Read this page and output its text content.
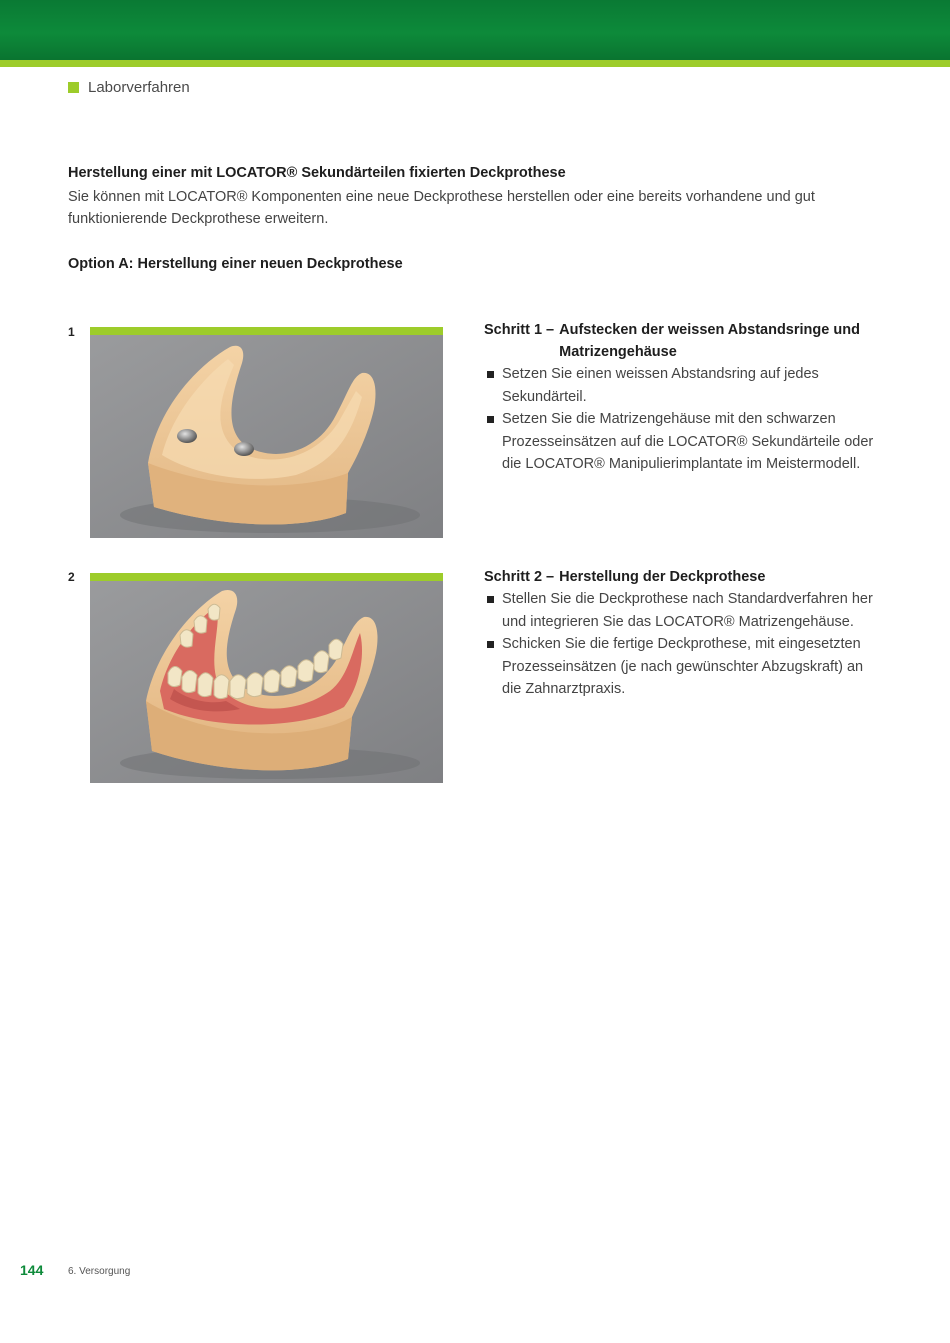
Laborverfahren
Herstellung einer mit LOCATOR® Sekundärteilen fixierten Deckprothese
Sie können mit LOCATOR® Komponenten eine neue Deckprothese herstellen oder eine bereits vorhandene und gut funktionierende Deckprothese erweitern.
Option A: Herstellung einer neuen Deckprothese
1	Schritt 1 – Aufstecken der weissen Abstandsringe und Matrizengehäuse
Setzen Sie einen weissen Abstandsring auf jedes Sekundärteil.
Setzen Sie die Matrizengehäuse mit den schwarzen Prozesseinsätzen auf die LOCATOR® Sekundärteile oder die LOCATOR® Manipulierimplantate im Meistermodell.
2	Schritt 2 – Herstellung der Deckprothese
Stellen Sie die Deckprothese nach Standardverfahren her und integrieren Sie das LOCATOR® Matrizengehäuse.
Schicken Sie die fertige Deckprothese, mit eingesetzten Prozesseinsätzen (je nach gewünschter Abzugskraft) an die Zahnarztpraxis.
144 6. Versorgung
